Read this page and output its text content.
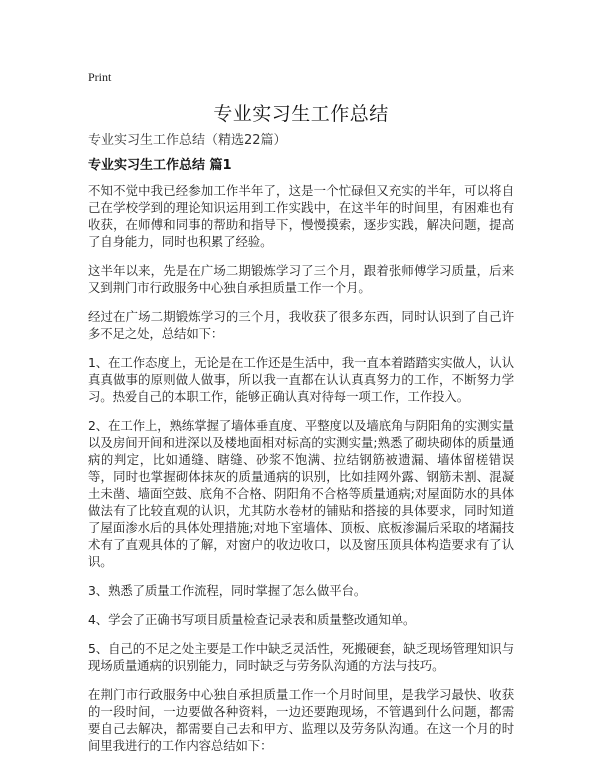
Print
专业实习生工作总结
专业实习生工作总结（精选22篇）
专业实习生工作总结 篇1

不知不觉中我已经参加工作半年了，这是一个忙碌但又充实的半年，可以将自己在学校学到的理论知识运用到工作实践中，在这半年的时间里，有困难也有收获，在师傅和同事的帮助和指导下，慢慢摸索，逐步实践，解决问题，提高了自身能力，同时也积累了经验。

这半年以来，先是在广场二期锻炼学习了三个月，跟着张师傅学习质量，后来又到荆门市行政服务中心独自承担质量工作一个月。

经过在广场二期锻炼学习的三个月，我收获了很多东西，同时认识到了自己许多不足之处，总结如下：

1、在工作态度上，无论是在工作还是生活中，我一直本着踏踏实实做人，认认真真做事的原则做人做事，所以我一直都在认认真真努力的工作，不断努力学习。热爱自己的本职工作，能够正确认真对待每一项工作，工作投入。

2、在工作上，熟练掌握了墙体垂直度、平整度以及墙底角与阴阳角的实测实量以及房间开间和进深以及楼地面相对标高的实测实量;熟悉了砌块砌体的质量通病的判定，比如通缝、瞎缝、砂浆不饱满、拉结钢筋被遗漏、墙体留槎错误等，同时也掌握砌体抹灰的质量通病的识别，比如挂网外露、钢筋未割、混凝土未凿、墙面空鼓、底角不合格、阴阳角不合格等质量通病;对屋面防水的具体做法有了比较直观的认识，尤其防水卷材的铺贴和搭接的具体要求，同时知道了屋面渗水后的具体处理措施;对地下室墙体、顶板、底板渗漏后采取的堵漏技术有了直观具体的了解，对窗户的收边收口，以及窗压顶具体构造要求有了认识。

3、熟悉了质量工作流程，同时掌握了怎么做平台。

4、学会了正确书写项目质量检查记录表和质量整改通知单。

5、自己的不足之处主要是工作中缺乏灵活性，死搬硬套，缺乏现场管理知识与现场质量通病的识别能力，同时缺乏与劳务队沟通的方法与技巧。

在荆门市行政服务中心独自承担质量工作一个月时间里，是我学习最快、收获的一段时间，一边要做各种资料，一边还要跑现场，不管遇到什么问题，都需要自己去解决，都需要自己去和甲方、监理以及劳务队沟通。在这一个月的时间里我进行的工作内容总结如下：
